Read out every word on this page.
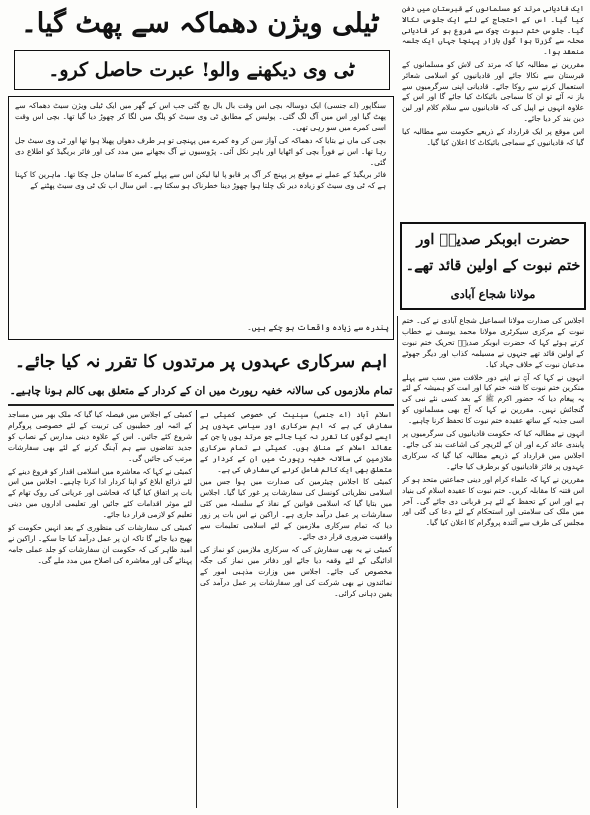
ٹیلی ویژن دھماکہ سے پھٹ گیا۔
ٹی وی دیکھنے والو! عبرت حاصل کرو۔

سنگاپور (اے جنسی) ایک دوسالہ بچی اس وقت بال بال بچ گئی جب اس کے گھر میں ایک ٹیلی ویژن سیٹ دھماکہ سے پھٹ گیا اور اس میں آگ لگ گئی۔ پولیس کے مطابق ٹی وی سیٹ کو پلگ میں لگا کر چھوڑ دیا گیا تھا۔ بچی اس وقت اسی کمرے میں سو رہی تھی۔

بچی کی ماں نے بتایا کہ دھماکہ کی آواز سن کر وہ کمرے میں پہنچی تو ہر طرف دھواں پھیلا ہوا تھا اور ٹی وی سیٹ جل رہا تھا۔ اس نے فوراً بچی کو اٹھایا اور باہر نکل آئی۔ پڑوسیوں نے آگ بجھانے میں مدد کی اور فائر بریگیڈ کو اطلاع دی گئی۔

فائر بریگیڈ کے عملے نے موقع پر پہنچ کر آگ پر قابو پا لیا لیکن اس سے پہلے کمرے کا سامان جل چکا تھا۔ ماہرین کا کہنا ہے کہ ٹی وی سیٹ کو زیادہ دیر تک چلتا ہوا چھوڑ دینا خطرناک ہو سکتا ہے۔ اس سال اب تک ٹی وی سیٹ پھٹنے کے

پندرہ سے زیادہ واقعات ہو چکے ہیں۔

ایک قادیانی مرتد کو مسلمانوں کے قبرستان میں دفن کیا گیا۔ اس کے احتجاج کے لئے ایک جلوس نکالا گیا۔ جلوس ختم نبوت چوک سے شروع ہو کر قادیانی محلہ سے گزرتا ہوا گول بازار پہنچا جہاں ایک جلسہ منعقد ہوا۔

مقررین نے مطالبہ کیا کہ مرتد کی لاش کو مسلمانوں کے قبرستان سے نکالا جائے اور قادیانیوں کو اسلامی شعائر استعمال کرنے سے روکا جائے۔ قادیانی اپنی سرگرمیوں سے باز نہ آئے تو ان کا سماجی بائیکاٹ کیا جائے گا اور اس کے علاوہ انہوں نے اپیل کی کہ قادیانیوں سے سلام کلام اور لین دین بند کر دیا جائے۔

اس موقع پر ایک قرارداد کے ذریعے حکومت سے مطالبہ کیا گیا کہ قادیانیوں کے سماجی بائیکاٹ کا اعلان کیا گیا۔

حضرت ابوبکر صدیقؓ اور
ختم نبوت کے اولین قائد تھے۔
مولانا شجاع آبادی
اہم سرکاری عہدوں پر مرتدوں کا تقرر نہ کیا جائے۔
تمام ملازموں کی سالانہ خفیہ رپورٹ میں ان کے کردار کے متعلق بھی کالم ہونا چاہیے۔

اسلام آباد (اے جنسی) سینیٹ کی خصوصی کمیٹی نے سفارش کی ہے کہ اہم سرکاری اور سیاسی عہدوں پر ایسے لوگوں کا تقرر نہ کیا جائے جو مرتد ہوں یا جن کے عقائد اسلام کے منافی ہوں۔ کمیٹی نے تمام سرکاری ملازمین کی سالانہ خفیہ رپورٹ میں ان کے کردار کے متعلق بھی ایک کالم شامل کرنے کی سفارش کی ہے۔

کمیٹی کا اجلاس چیئرمین کی صدارت میں ہوا جس میں اسلامی نظریاتی کونسل کی سفارشات پر غور کیا گیا۔ اجلاس میں بتایا گیا کہ اسلامی قوانین کے نفاذ کے سلسلہ میں کئی سفارشات پر عمل درآمد جاری ہے۔ اراکین نے اس بات پر زور دیا کہ تمام سرکاری ملازمین کے لئے اسلامی تعلیمات سے واقفیت ضروری قرار دی جائے۔

کمیٹی نے یہ بھی سفارش کی کہ سرکاری ملازمین کو نماز کی ادائیگی کے لئے وقفہ دیا جائے اور دفاتر میں نماز کی جگہ مخصوص کی جائے۔ اجلاس میں وزارت مذہبی امور کے نمائندوں نے بھی شرکت کی اور سفارشات پر عمل درآمد کی یقین دہانی کرائی۔

کمیٹی کے اجلاس میں فیصلہ کیا گیا کہ ملک بھر میں مساجد کے ائمہ اور خطیبوں کی تربیت کے لئے خصوصی پروگرام شروع کئے جائیں۔ اس کے علاوہ دینی مدارس کے نصاب کو جدید تقاضوں سے ہم آہنگ کرنے کے لئے بھی سفارشات مرتب کی جائیں گی۔

کمیٹی نے کہا کہ معاشرہ میں اسلامی اقدار کو فروغ دینے کے لئے ذرائع ابلاغ کو اپنا کردار ادا کرنا چاہیے۔ اجلاس میں اس بات پر اتفاق کیا گیا کہ فحاشی اور عریانی کی روک تھام کے لئے موثر اقدامات کئے جائیں اور تعلیمی اداروں میں دینی تعلیم کو لازمی قرار دیا جائے۔

کمیٹی کی سفارشات کی منظوری کے بعد انہیں حکومت کو بھیج دیا جائے گا تاکہ ان پر عمل درآمد کیا جا سکے۔ اراکین نے امید ظاہر کی کہ حکومت ان سفارشات کو جلد عملی جامہ پہنائے گی اور معاشرہ کی اصلاح میں مدد ملے گی۔

اجلاس کی صدارت مولانا اسماعیل شجاع آبادی نے کی۔ ختم نبوت کے مرکزی سیکرٹری مولانا محمد یوسف نے خطاب کرتے ہوئے کہا کہ حضرت ابوبکر صدیقؓ تحریک ختم نبوت کے اولین قائد تھے جنہوں نے مسیلمہ کذاب اور دیگر جھوٹے مدعیان نبوت کے خلاف جہاد کیا۔

انہوں نے کہا کہ آپؓ نے اپنے دور خلافت میں سب سے پہلے منکرین ختم نبوت کا فتنہ ختم کیا اور امت کو ہمیشہ کے لئے یہ پیغام دیا کہ حضور اکرم ﷺ کے بعد کسی نئے نبی کی گنجائش نہیں۔ مقررین نے کہا کہ آج بھی مسلمانوں کو اسی جذبہ کے ساتھ عقیدہ ختم نبوت کا تحفظ کرنا چاہیے۔

انہوں نے مطالبہ کیا کہ حکومت قادیانیوں کی سرگرمیوں پر پابندی عائد کرے اور ان کے لٹریچر کی اشاعت بند کی جائے۔ اجلاس میں قرارداد کے ذریعے مطالبہ کیا گیا کہ سرکاری عہدوں پر فائز قادیانیوں کو برطرف کیا جائے۔

مقررین نے کہا کہ علماء کرام اور دینی جماعتیں متحد ہو کر اس فتنہ کا مقابلہ کریں۔ ختم نبوت کا عقیدہ اسلام کی بنیاد ہے اور اس کے تحفظ کے لئے ہر قربانی دی جائے گی۔ آخر میں ملک کی سلامتی اور استحکام کے لئے دعا کی گئی اور مجلس کی طرف سے آئندہ پروگرام کا اعلان کیا گیا۔
